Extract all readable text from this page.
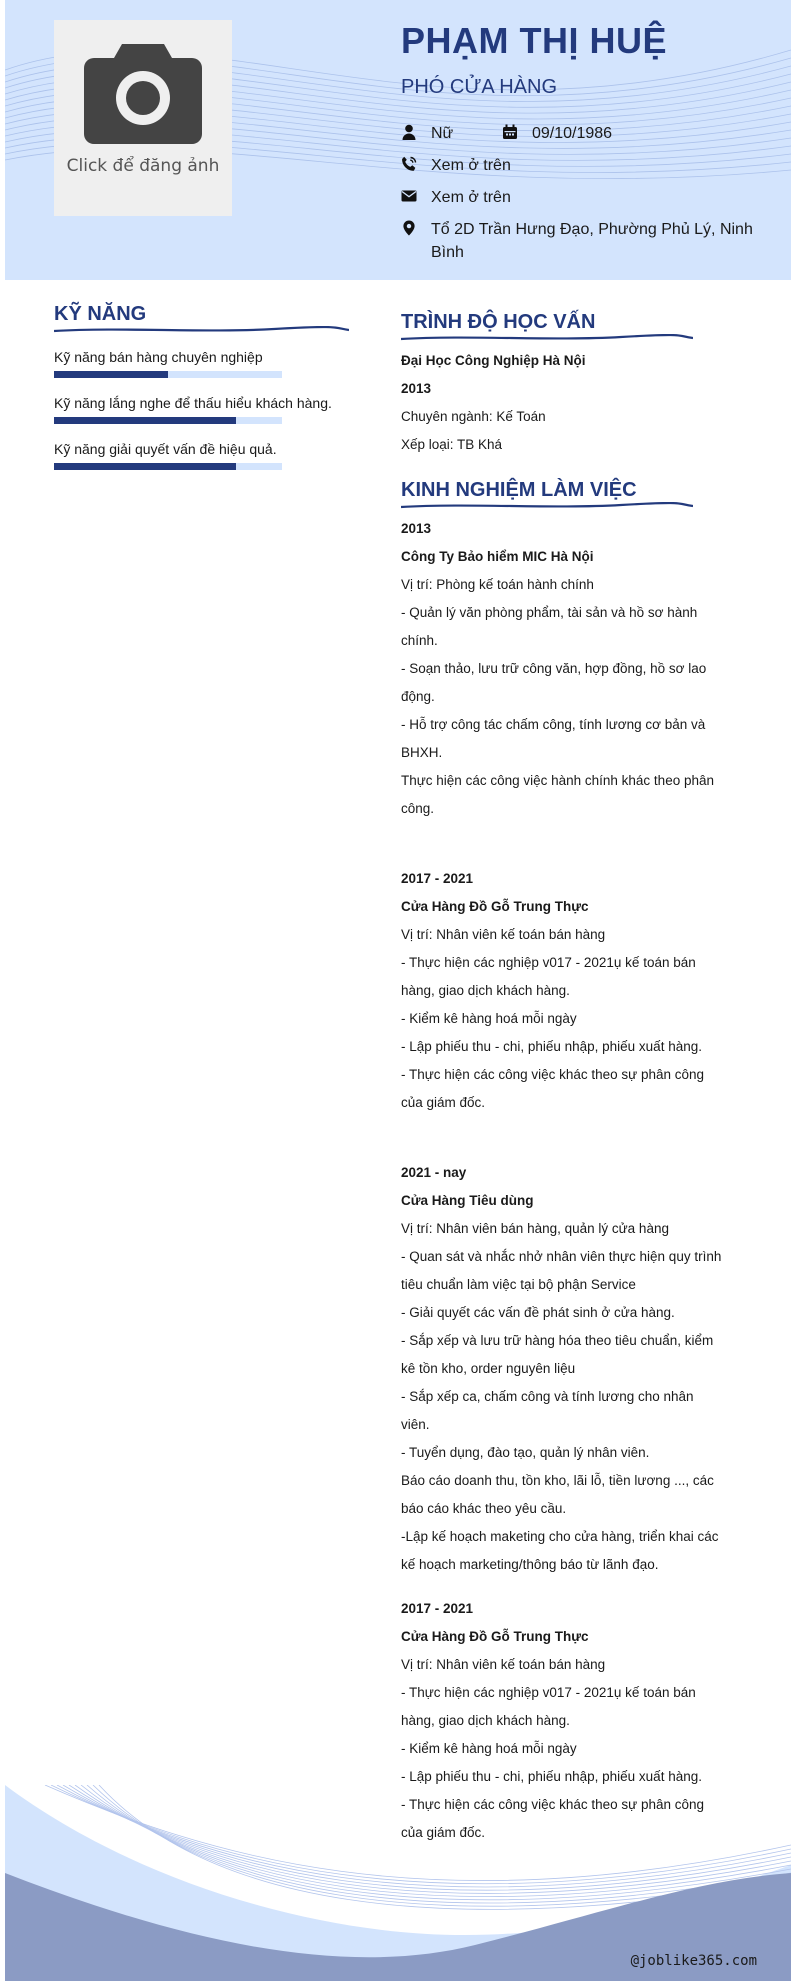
Click để đăng ảnh
PHẠM THỊ HUỆ
PHÓ CỬA HÀNG
Nữ	09/10/1986
Xem ở trên
Xem ở trên
Tổ 2D Trần Hưng Đạo, Phường Phủ Lý, Ninh
Bình
KỸ NĂNG
Kỹ năng bán hàng chuyên nghiệp
Kỹ năng lắng nghe để thấu hiểu khách hàng.
Kỹ năng giải quyết vấn đề hiệu quả.
TRÌNH ĐỘ HỌC VẤN
Đại Học Công Nghiệp Hà Nội
2013
Chuyên ngành: Kế Toán
Xếp loại: TB Khá
KINH NGHIỆM LÀM VIỆC
2013
Công Ty Bảo hiểm MIC Hà Nội
Vị trí: Phòng kế toán hành chính
- Quản lý văn phòng phẩm, tài sản và hồ sơ hành
chính.
- Soạn thảo, lưu trữ công văn, hợp đồng, hồ sơ lao
động.
- Hỗ trợ công tác chấm công, tính lương cơ bản và
BHXH.
Thực hiện các công việc hành chính khác theo phân
công.
2017 - 2021
Cửa Hàng Đồ Gỗ Trung Thực
Vị trí: Nhân viên kế toán bán hàng
- Thực hiện các nghiệp v017 - 2021ụ kế toán bán
hàng, giao dịch khách hàng.
- Kiểm kê hàng hoá mỗi ngày
- Lập phiếu thu - chi, phiếu nhập, phiếu xuất hàng.
- Thực hiện các công việc khác theo sự phân công
của giám đốc.
2021 - nay
Cửa Hàng Tiêu dùng
Vị trí: Nhân viên bán hàng, quản lý cửa hàng
- Quan sát và nhắc nhở nhân viên thực hiện quy trình
tiêu chuẩn làm việc tại bộ phận Service
- Giải quyết các vấn đề phát sinh ở cửa hàng.
- Sắp xếp và lưu trữ hàng hóa theo tiêu chuẩn, kiểm
kê tồn kho, order nguyên liệu
- Sắp xếp ca, chấm công và tính lương cho nhân
viên.
- Tuyển dụng, đào tạo, quản lý nhân viên.
Báo cáo doanh thu, tồn kho, lãi lỗ, tiền lương ..., các
báo cáo khác theo yêu cầu.
-Lập kế hoạch maketing cho cửa hàng, triển khai các
kế hoạch marketing/thông báo từ lãnh đạo.
2017 - 2021
Cửa Hàng Đồ Gỗ Trung Thực
Vị trí: Nhân viên kế toán bán hàng
- Thực hiện các nghiệp v017 - 2021ụ kế toán bán
hàng, giao dịch khách hàng.
- Kiểm kê hàng hoá mỗi ngày
- Lập phiếu thu - chi, phiếu nhập, phiếu xuất hàng.
- Thực hiện các công việc khác theo sự phân công
của giám đốc.
@joblike365.com
